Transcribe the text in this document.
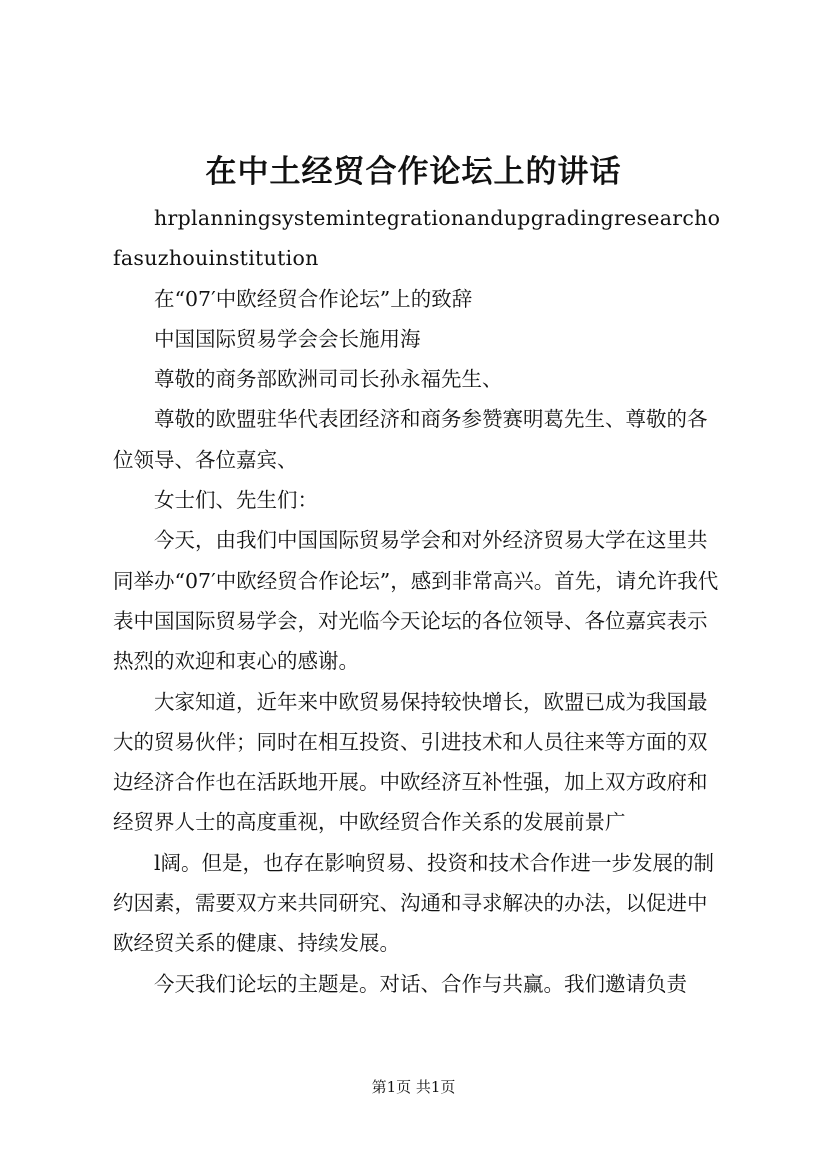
在中土经贸合作论坛上的讲话

hrplanningsystemintegrationandupgradingresearchofasuzhouinstitution

在“07′中欧经贸合作论坛”上的致辞

中国国际贸易学会会长施用海

尊敬的商务部欧洲司司长孙永福先生、

尊敬的欧盟驻华代表团经济和商务参赞赛明葛先生、尊敬的各位领导、各位嘉宾、

女士们、先生们：

今天，由我们中国国际贸易学会和对外经济贸易大学在这里共同举办“07′中欧经贸合作论坛”，感到非常高兴。首先，请允许我代表中国国际贸易学会，对光临今天论坛的各位领导、各位嘉宾表示热烈的欢迎和衷心的感谢。

大家知道，近年来中欧贸易保持较快增长，欧盟已成为我国最大的贸易伙伴；同时在相互投资、引进技术和人员往来等方面的双边经济合作也在活跃地开展。中欧经济互补性强，加上双方政府和经贸界人士的高度重视，中欧经贸合作关系的发展前景广

l阔。但是，也存在影响贸易、投资和技术合作进一步发展的制约因素，需要双方来共同研究、沟通和寻求解决的办法，以促进中欧经贸关系的健康、持续发展。

今天我们论坛的主题是。对话、合作与共赢。我们邀请负责

第1页 共1页
